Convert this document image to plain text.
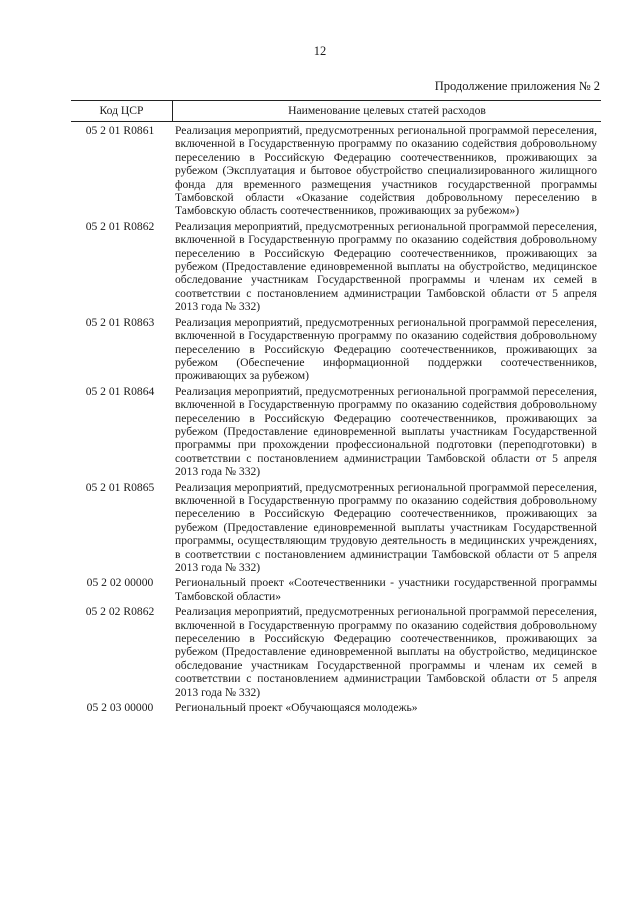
12
Продолжение приложения № 2
Код ЦСР	Наименование целевых статей расходов
05 2 01 R0861	Реализация мероприятий, предусмотренных региональной программой переселения, включенной в Государственную программу по оказанию содействия добровольному переселению в Российскую Федерацию соотечественников, проживающих за рубежом (Эксплуатация и бытовое обустройство специализированного жилищного фонда для временного размещения участников государственной программы Тамбовской области «Оказание содействия добровольному переселению в Тамбовскую область соотечественников, проживающих за рубежом»)
05 2 01 R0862	Реализация мероприятий, предусмотренных региональной программой переселения, включенной в Государственную программу по оказанию содействия добровольному переселению в Российскую Федерацию соотечественников, проживающих за рубежом (Предоставление единовременной выплаты на обустройство, медицинское обследование участникам Государственной программы и членам их семей в соответствии с постановлением администрации Тамбовской области от 5 апреля 2013 года № 332)
05 2 01 R0863	Реализация мероприятий, предусмотренных региональной программой переселения, включенной в Государственную программу по оказанию содействия добровольному переселению в Российскую Федерацию соотечественников, проживающих за рубежом (Обеспечение информационной поддержки соотечественников, проживающих за рубежом)
05 2 01 R0864	Реализация мероприятий, предусмотренных региональной программой переселения, включенной в Государственную программу по оказанию содействия добровольному переселению в Российскую Федерацию соотечественников, проживающих за рубежом (Предоставление единовременной выплаты участникам Государственной программы при прохождении профессиональной подготовки (переподготовки) в соответствии с постановлением администрации Тамбовской области от 5 апреля 2013 года № 332)
05 2 01 R0865	Реализация мероприятий, предусмотренных региональной программой переселения, включенной в Государственную программу по оказанию содействия добровольному переселению в Российскую Федерацию соотечественников, проживающих за рубежом (Предоставление единовременной выплаты участникам Государственной программы, осуществляющим трудовую деятельность в медицинских учреждениях, в соответствии с постановлением администрации Тамбовской области от 5 апреля 2013 года № 332)
05 2 02 00000	Региональный проект «Соотечественники - участники государственной программы Тамбовской области»
05 2 02 R0862	Реализация мероприятий, предусмотренных региональной программой переселения, включенной в Государственную программу по оказанию содействия добровольному переселению в Российскую Федерацию соотечественников, проживающих за рубежом (Предоставление единовременной выплаты на обустройство, медицинское обследование участникам Государственной программы и членам их семей в соответствии с постановлением администрации Тамбовской области от 5 апреля 2013 года № 332)
05 2 03 00000	Региональный проект «Обучающаяся молодежь»
